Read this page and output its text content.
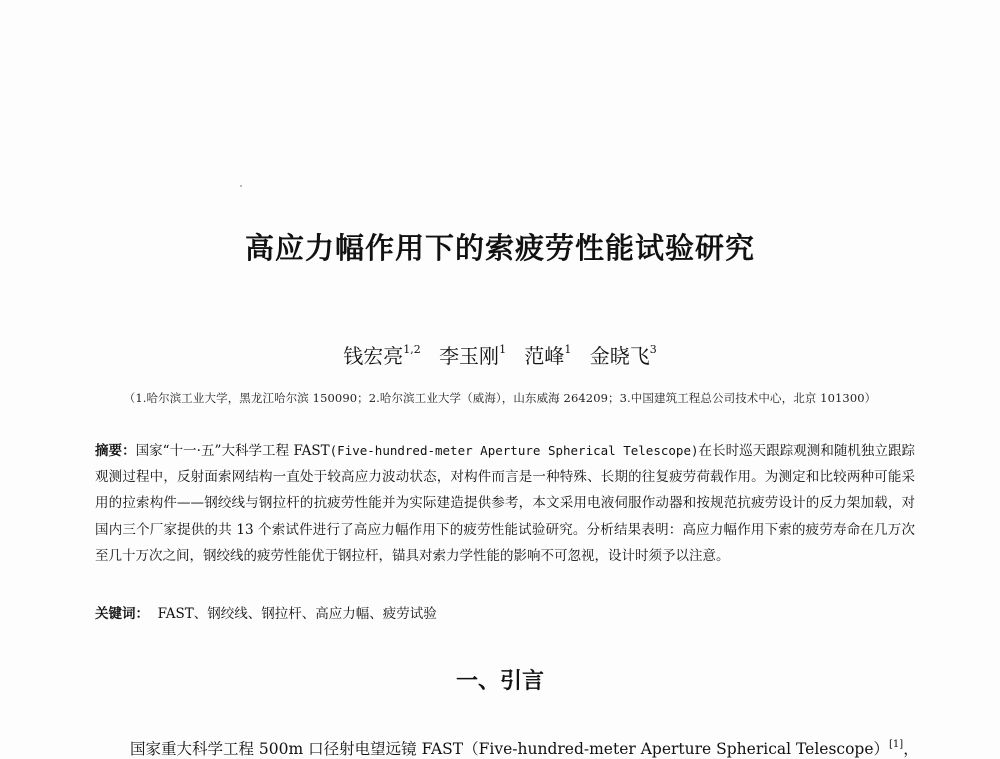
高应力幅作用下的索疲劳性能试验研究
钱宏亮$^{1,2}$ 李玉刚$^1$ 范峰$^1$ 金晓飞$^3$
（1.哈尔滨工业大学，黑龙江哈尔滨 150090；2.哈尔滨工业大学（威海），山东威海 264209；3.中国建筑工程总公司技术中心，北京 101300）
摘要：国家“十一·五”大科学工程 FAST(Five-hundred-meter Aperture Spherical Telescope)在长时巡天跟踪观测和随机独立跟踪观测过程中，反射面索网结构一直处于较高应力波动状态，对构件而言是一种特殊、长期的往复疲劳荷载作用。为测定和比较两种可能采用的拉索构件——钢绞线与钢拉杆的抗疲劳性能并为实际建造提供参考，本文采用电液伺服作动器和按规范抗疲劳设计的反力架加载，对国内三个厂家提供的共 13 个索试件进行了高应力幅作用下的疲劳性能试验研究。分析结果表明：高应力幅作用下索的疲劳寿命在几万次至几十万次之间，钢绞线的疲劳性能优于钢拉杆，锚具对索力学性能的影响不可忽视，设计时须予以注意。
关键词： FAST、钢绞线、钢拉杆、高应力幅、疲劳试验
一、引言
国家重大科学工程 500m 口径射电望远镜 FAST（Five-hundred-meter Aperture Spherical Telescope）[1]，
